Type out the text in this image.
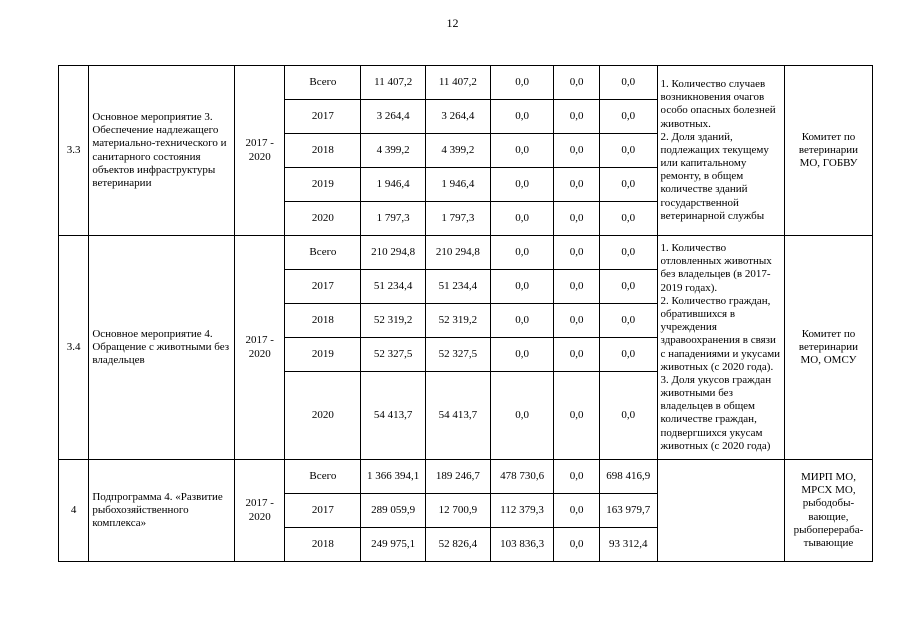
12
3.3	Основное мероприятие 3. Обеспечение надлежащего материально-технического и санитарного состояния объектов инфраструктуры ветеринарии	2017 - 2020	Всего	11 407,2	11 407,2	0,0	0,0	0,0	1. Количество случаев возникновения очагов особо опасных болезней животных.
2. Доля зданий, подлежащих текущему или капитальному ремонту, в общем количестве зданий государственной ветеринарной службы	Комитет по ветеринарии МО, ГОБВУ
			2017	3 264,4	3 264,4	0,0	0,0	0,0		
			2018	4 399,2	4 399,2	0,0	0,0	0,0		
			2019	1 946,4	1 946,4	0,0	0,0	0,0		
			2020	1 797,3	1 797,3	0,0	0,0	0,0		
3.4	Основное мероприятие 4. Обращение с животными без владельцев	2017 - 2020	Всего	210 294,8	210 294,8	0,0	0,0	0,0	1. Количество отловленных животных без владельцев (в 2017-2019 годах).
2. Количество граждан, обратившихся в учреждения здравоохранения в связи с нападениями и укусами животных (с 2020 года).
3. Доля укусов граждан животными без владельцев в общем количестве граждан, подвергшихся укусам животных (с 2020 года)	Комитет по ветеринарии МО, ОМСУ
			2017	51 234,4	51 234,4	0,0	0,0	0,0		
			2018	52 319,2	52 319,2	0,0	0,0	0,0		
			2019	52 327,5	52 327,5	0,0	0,0	0,0		
			2020	54 413,7	54 413,7	0,0	0,0	0,0		
4	Подпрограмма 4. «Развитие рыбохозяйственного комплекса»	2017 - 2020	Всего	1 366 394,1	189 246,7	478 730,6	0,0	698 416,9		МИРП МО, МРСХ МО, рыбодобы-вающие, рыбоперераба-тывающие
			2017	289 059,9	12 700,9	112 379,3	0,0	163 979,7		
			2018	249 975,1	52 826,4	103 836,3	0,0	93 312,4		
